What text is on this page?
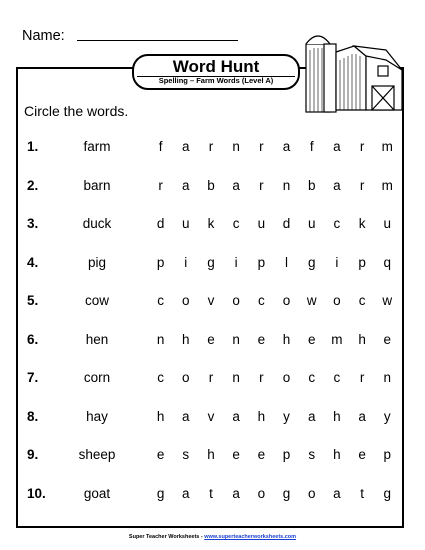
Name:
Word Hunt
Spelling – Farm Words (Level A)
Circle the words.
1.	farm	f	a	r	n	r	a	f	a	r	m
2.	barn	r	a	b	a	r	n	b	a	r	m
3.	duck	d	u	k	c	u	d	u	c	k	u
4.	pig	p	i	g	i	p	l	g	i	p	q
5.	cow	c	o	v	o	c	o	w	o	c	w
6.	hen	n	h	e	n	e	h	e	m	h	e
7.	corn	c	o	r	n	r	o	c	c	r	n
8.	hay	h	a	v	a	h	y	a	h	a	y
9.	sheep	e	s	h	e	e	p	s	h	e	p
10.	goat	g	a	t	a	o	g	o	a	t	g
Super Teacher Worksheets - www.superteacherworksheets.com
